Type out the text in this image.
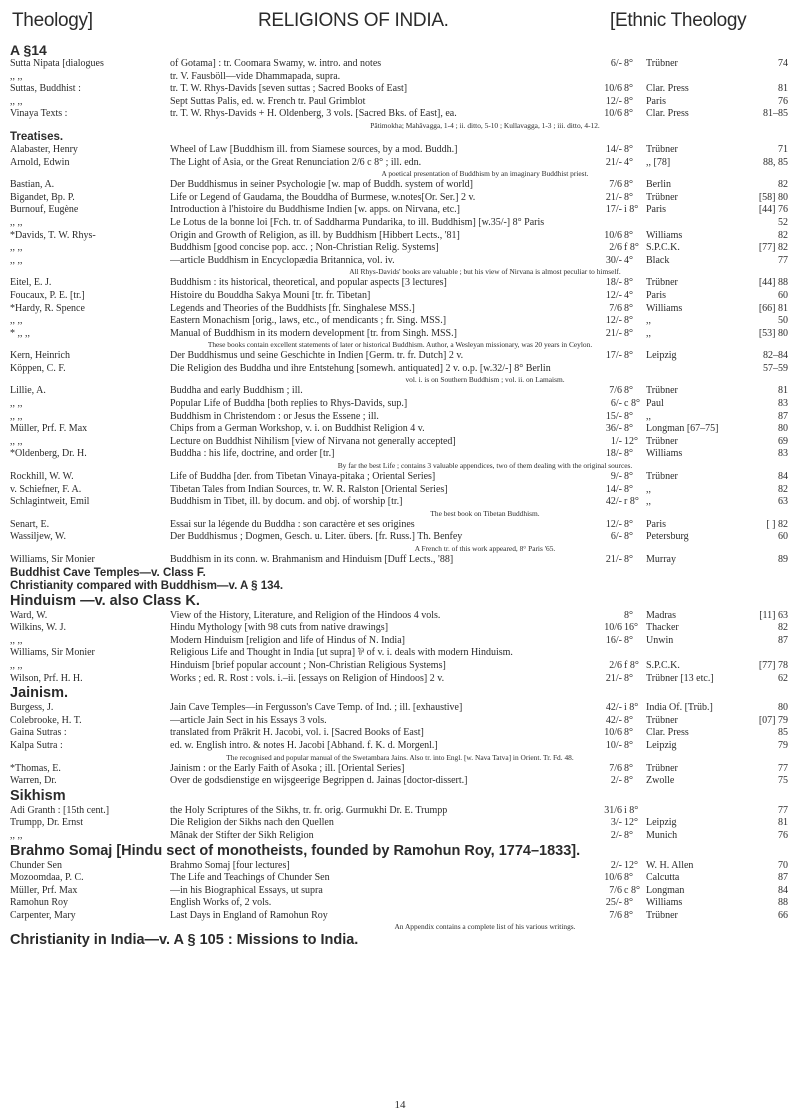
Theology]	RELIGIONS OF INDIA.	[Ethnic Theology
A §14
Sutta Nipata [dialogues	of Gotama] : tr. Coomara Swamy, w. intro. and notes	6/- 8°	Trübner	74
,, ,,	tr. V. Fausböll—vide Dhammapada, supra.
Suttas, Buddhist :	tr. T. W. Rhys-Davids [seven suttas ; Sacred Books of East]	10/6 8°	Clar. Press	81
,, ,,	Sept Suttas Palis, ed. w. French tr. Paul Grimblot	12/- 8°	Paris	76
Vinaya Texts :	tr. T. W. Rhys-Davids + H. Oldenberg, 3 vols. [Sacred Bks. of East], ea.	10/6 8°	Clar. Press	81–85
Pâtimokha; Mahâvagga, 1-4 ; ii. ditto, 5-10 ; Kullavagga, 1-3 ; iii. ditto, 4-12.
Treatises.
Alabaster, Henry	Wheel of Law [Buddhism ill. from Siamese sources, by a mod. Buddh.]	14/- 8°	Trübner	71
Arnold, Edwin	The Light of Asia, or the Great Renunciation 2/6 c 8° ; ill. edn.	21/- 4°	,, [78]	88, 85
A poetical presentation of Buddhism by an imaginary Buddhist priest.
Bastian, A.	Der Buddhismus in seiner Psychologie [w. map of Buddh. system of world]	7/6 8°	Berlin	82
Bigandet, Bp. P.	Life or Legend of Gaudama, the Bouddha of Burmese, w.notes[Or. Ser.] 2 v.	21/- 8°	Trübner	[58] 80
Burnouf, Eugène	Introduction à l'histoire du Buddhisme Indien [w. apps. on Nirvana, etc.]	17/- i 8° Paris	[44] 76
,, ,,	Le Lotus de la bonne loi [Fch. tr. of Saddharma Pundarika, to ill. Buddhism] [w.35/-] 8° Paris	52
*Davids, T. W. Rhys-	Origin and Growth of Religion, as ill. by Buddhism [Hibbert Lects., '81]	10/6 8°	Williams	82
,, ,,	Buddhism [good concise pop. acc. ; Non-Christian Relig. Systems]	2/6 f 8° S.P.C.K.	[77] 82
,, ,,	—article Buddhism in Encyclopædia Britannica, vol. iv.	30/- 4°	Black	77
All Rhys-Davids' books are valuable ; but his view of Nirvana is almost peculiar to himself.
Eitel, E. J.	Buddhism : its historical, theoretical, and popular aspects [3 lectures]	18/- 8°	Trübner	[44] 88
Foucaux, P. E. [tr.]	Histoire du Bouddha Sakya Mouni [tr. fr. Tibetan]	12/- 4°	Paris	60
*Hardy, R. Spence	Legends and Theories of the Buddhists [fr. Singhalese MSS.]	7/6 8°	Williams	[66] 81
,, ,,	Eastern Monachism [orig., laws, etc., of mendicants ; fr. Sing. MSS.]	12/- 8°	,,	50
* ,, ,,	Manual of Buddhism in its modern development [tr. from Singh. MSS.]	21/- 8°	,,	[53] 80
These books contain excellent statements of later or historical Buddhism. Author, a Wesleyan missionary, was 20 years in Ceylon.
Kern, Heinrich	Der Buddhismus und seine Geschichte in Indien [Germ. tr. fr. Dutch] 2 v.	17/- 8°	Leipzig	82–84
Köppen, C. F.	Die Religion des Buddha und ihre Entstehung [somewh. antiquated] 2 v. o.p. [w.32/-] 8° Berlin	57–59
vol. i. is on Southern Buddhism ; vol. ii. on Lamaism.
Lillie, A.	Buddha and early Buddhism ; ill.	7/6 8°	Trübner	81
,, ,,	Popular Life of Buddha [both replies to Rhys-Davids, sup.]	6/- c 8° Paul	83
,, ,,	Buddhism in Christendom : or Jesus the Essene ; ill.	15/- 8°	,,	87
Müller, Prf. F. Max	Chips from a German Workshop, v. i. on Buddhist Religion 4 v.	36/- 8°	Longman [67–75]	80
,, ,,	Lecture on Buddhist Nihilism [view of Nirvana not generally accepted]	1/- 12° Trübner	69
*Oldenberg, Dr. H.	Buddha : his life, doctrine, and order [tr.]	18/- 8°	Williams	83
By far the best Life ; contains 3 valuable appendices, two of them dealing with the original sources.
Rockhill, W. W.	Life of Buddha [der. from Tibetan Vinaya-pitaka ; Oriental Series]	9/- 8°	Trübner	84
v. Schiefner, F. A.	Tibetan Tales from Indian Sources, tr. W. R. Ralston [Oriental Series]	14/- 8°	,,	82
Schlagintweit, Emil	Buddhism in Tibet, ill. by docum. and obj. of worship [tr.]	42/- r 8° ,,	63
The best book on Tibetan Buddhism.
Senart, E.	Essai sur la légende du Buddha : son caractère et ses origines	12/- 8°	Paris	[ ] 82
Wassiljew, W.	Der Buddhismus ; Dogmen, Gesch. u. Liter. übers. [fr. Russ.] Th. Benfey	6/- 8°	Petersburg	60
A French tr. of this work appeared, 8° Paris '65.
Williams, Sir Monier	Buddhism in its conn. w. Brahmanism and Hinduism [Duff Lects., '88]	21/- 8°	Murray	89
Buddhist Cave Temples—v. Class F.
Christianity compared with Buddhism—v. A § 134.
Hinduism —v. also Class K.
Ward, W.	View of the History, Literature, and Religion of the Hindoos 4 vols.	8°	Madras	[11] 63
Wilkins, W. J.	Hindu Mythology [with 98 cuts from native drawings]	10/6 16° Thacker	82
,, ,,	Modern Hinduism [religion and life of Hindus of N. India]	16/- 8°	Unwin	87
Williams, Sir Monier	Religious Life and Thought in India [ut supra] ⅌ of v. i. deals with modern Hinduism.
,, ,,	Hinduism [brief popular account ; Non-Christian Religious Systems]	2/6 f 8° S.P.C.K.	[77] 78
Wilson, Prf. H. H.	Works ; ed. R. Rost : vols. i.–ii. [essays on Religion of Hindoos] 2 v.	21/- 8°	Trübner [13 etc.]	62
Jainism.
Burgess, J.	Jain Cave Temples—in Fergusson's Cave Temp. of Ind. ; ill. [exhaustive]	42/- i 8° India Of. [Trüb.]	80
Colebrooke, H. T.	—article Jain Sect in his Essays 3 vols.	42/- 8°	Trübner	[07] 79
Gaina Sutras :	translated from Prâkrit H. Jacobi, vol. i. [Sacred Books of East]	10/6 8°	Clar. Press	85
Kalpa Sutra :	ed. w. English intro. & notes H. Jacobi [Abhand. f. K. d. Morgenl.]	10/- 8°	Leipzig	79
The recognised and popular manual of the Swetambara Jains. Also tr. into Engl. [w. Nava Tatva] in Orient. Tr. Fd. 48.
*Thomas, E.	Jainism : or the Early Faith of Asoka ; ill. [Oriental Series]	7/6 8°	Trübner	77
Warren, Dr.	Over de godsdienstige en wijsgeerige Begrippen d. Jainas [doctor-dissert.]	2/- 8°	Zwolle	75
Sikhism
Adi Granth : [15th cent.]	the Holy Scriptures of the Sikhs, tr. fr. orig. Gurmukhi Dr. E. Trumpp	31/6 i 8°	77
Trumpp, Dr. Ernst	Die Religion der Sikhs nach den Quellen	3/- 12° Leipzig	81
,, ,,	Mânak der Stifter der Sikh Religion	2/- 8°	Munich	76
Brahmo Somaj [Hindu sect of monotheists, founded by Ramohun Roy, 1774–1833].
Chunder Sen	Brahmo Somaj [four lectures]	2/- 12° W. H. Allen	70
Mozoomdaa, P. C.	The Life and Teachings of Chunder Sen	10/6 8°	Calcutta	87
Müller, Prf. Max	—in his Biographical Essays, ut supra	7/6 c 8° Longman	84
Ramohun Roy	English Works of, 2 vols.	25/- 8°	Williams	88
Carpenter, Mary	Last Days in England of Ramohun Roy	7/6 8°	Trübner	66
An Appendix contains a complete list of his various writings.
Christianity in India—v. A § 105 : Missions to India.
14
